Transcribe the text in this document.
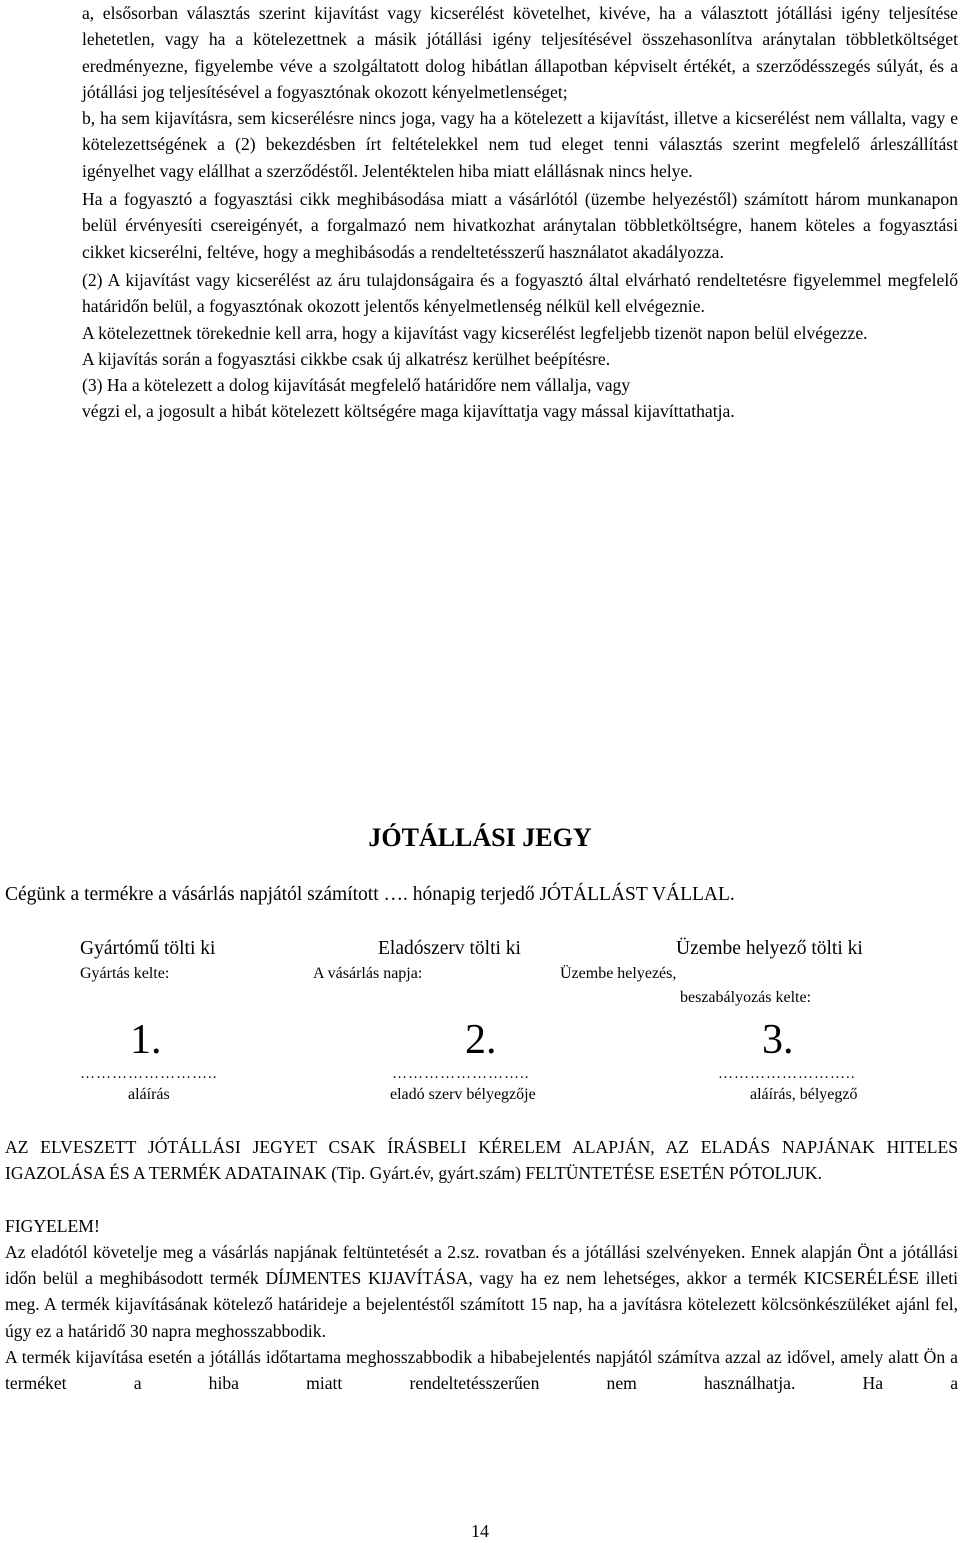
a, elsősorban választás szerint kijavítást vagy kicserélést követelhet, kivéve, ha a választott jótállási igény teljesítése lehetetlen, vagy ha a kötelezettnek a másik jótállási igény teljesítésével összehasonlítva aránytalan többletköltséget eredményezne, figyelembe véve a szolgáltatott dolog hibátlan állapotban képviselt értékét, a szerződésszegés súlyát, és a jótállási jog teljesítésével a fogyasztónak okozott kényelmetlenséget;

b, ha sem kijavításra, sem kicserélésre nincs joga, vagy ha a kötelezett a kijavítást, illetve a kicserélést nem vállalta, vagy e kötelezettségének a (2) bekezdésben írt feltételekkel nem tud eleget tenni választás szerint megfelelő árleszállítást igényelhet vagy elállhat a szerződéstől. Jelentéktelen hiba miatt elállásnak nincs helye.

Ha a fogyasztó a fogyasztási cikk meghibásodása miatt a vásárlótól (üzembe helyezéstől) számított három munkanapon belül érvényesíti csereigényét, a forgalmazó nem hivatkozhat aránytalan többletköltségre, hanem köteles a fogyasztási cikket kicserélni, feltéve, hogy a meghibásodás a rendeltetésszerű használatot akadályozza.

(2) A kijavítást vagy kicserélést az áru tulajdonságaira és a fogyasztó által elvárható rendeltetésre figyelemmel megfelelő határidőn belül, a fogyasztónak okozott jelentős kényelmetlenség nélkül kell elvégeznie.

A kötelezettnek törekednie kell arra, hogy a kijavítást vagy kicserélést legfeljebb tizenöt napon belül elvégezze.

A kijavítás során a fogyasztási cikkbe csak új alkatrész kerülhet beépítésre.

(3) Ha a kötelezett a dolog kijavítását megfelelő határidőre nem vállalja, vagy

végzi el, a jogosult a hibát kötelezett költségére maga kijavíttatja vagy mással kijavíttathatja.

JÓTÁLLÁSI JEGY
Cégünk a termékre a vásárlás napjától számított …. hónapig terjedő JÓTÁLLÁST VÁLLAL.
Gyártómű tölti ki
Gyártás kelte:
1.
……………………..
aláírás
Eladószerv tölti ki
A vásárlás napja:
2.
……………………..
eladó szerv bélyegzője
Üzembe helyező tölti ki
Üzembe helyezés,
beszabályozás kelte:
3.
……………………..
aláírás, bélyegző

AZ ELVESZETT JÓTÁLLÁSI JEGYET CSAK ÍRÁSBELI KÉRELEM ALAPJÁN, AZ ELADÁS NAPJÁNAK HITELES IGAZOLÁSA ÉS A TERMÉK ADATAINAK (Tip. Gyárt.év, gyárt.szám) FELTÜNTETÉSE ESETÉN PÓTOLJUK.

FIGYELEM!

Az eladótól követelje meg a vásárlás napjának feltüntetését a 2.sz. rovatban és a jótállási szelvényeken. Ennek alapján Önt a jótállási időn belül a meghibásodott termék DÍJMENTES KIJAVÍTÁSA, vagy ha ez nem lehetséges, akkor a termék KICSERÉLÉSE illeti meg. A termék kijavításának kötelező határideje a bejelentéstől számított 15 nap, ha a javításra kötelezett kölcsönkészüléket ajánl fel, úgy ez a határidő 30 napra meghosszabbodik.

A termék kijavítása esetén a jótállás időtartama meghosszabbodik a hibabejelentés napjától számítva azzal az idővel, amely alatt Ön a terméket a hiba miatt rendeltetésszerűen nem használhatja. Ha a

14
